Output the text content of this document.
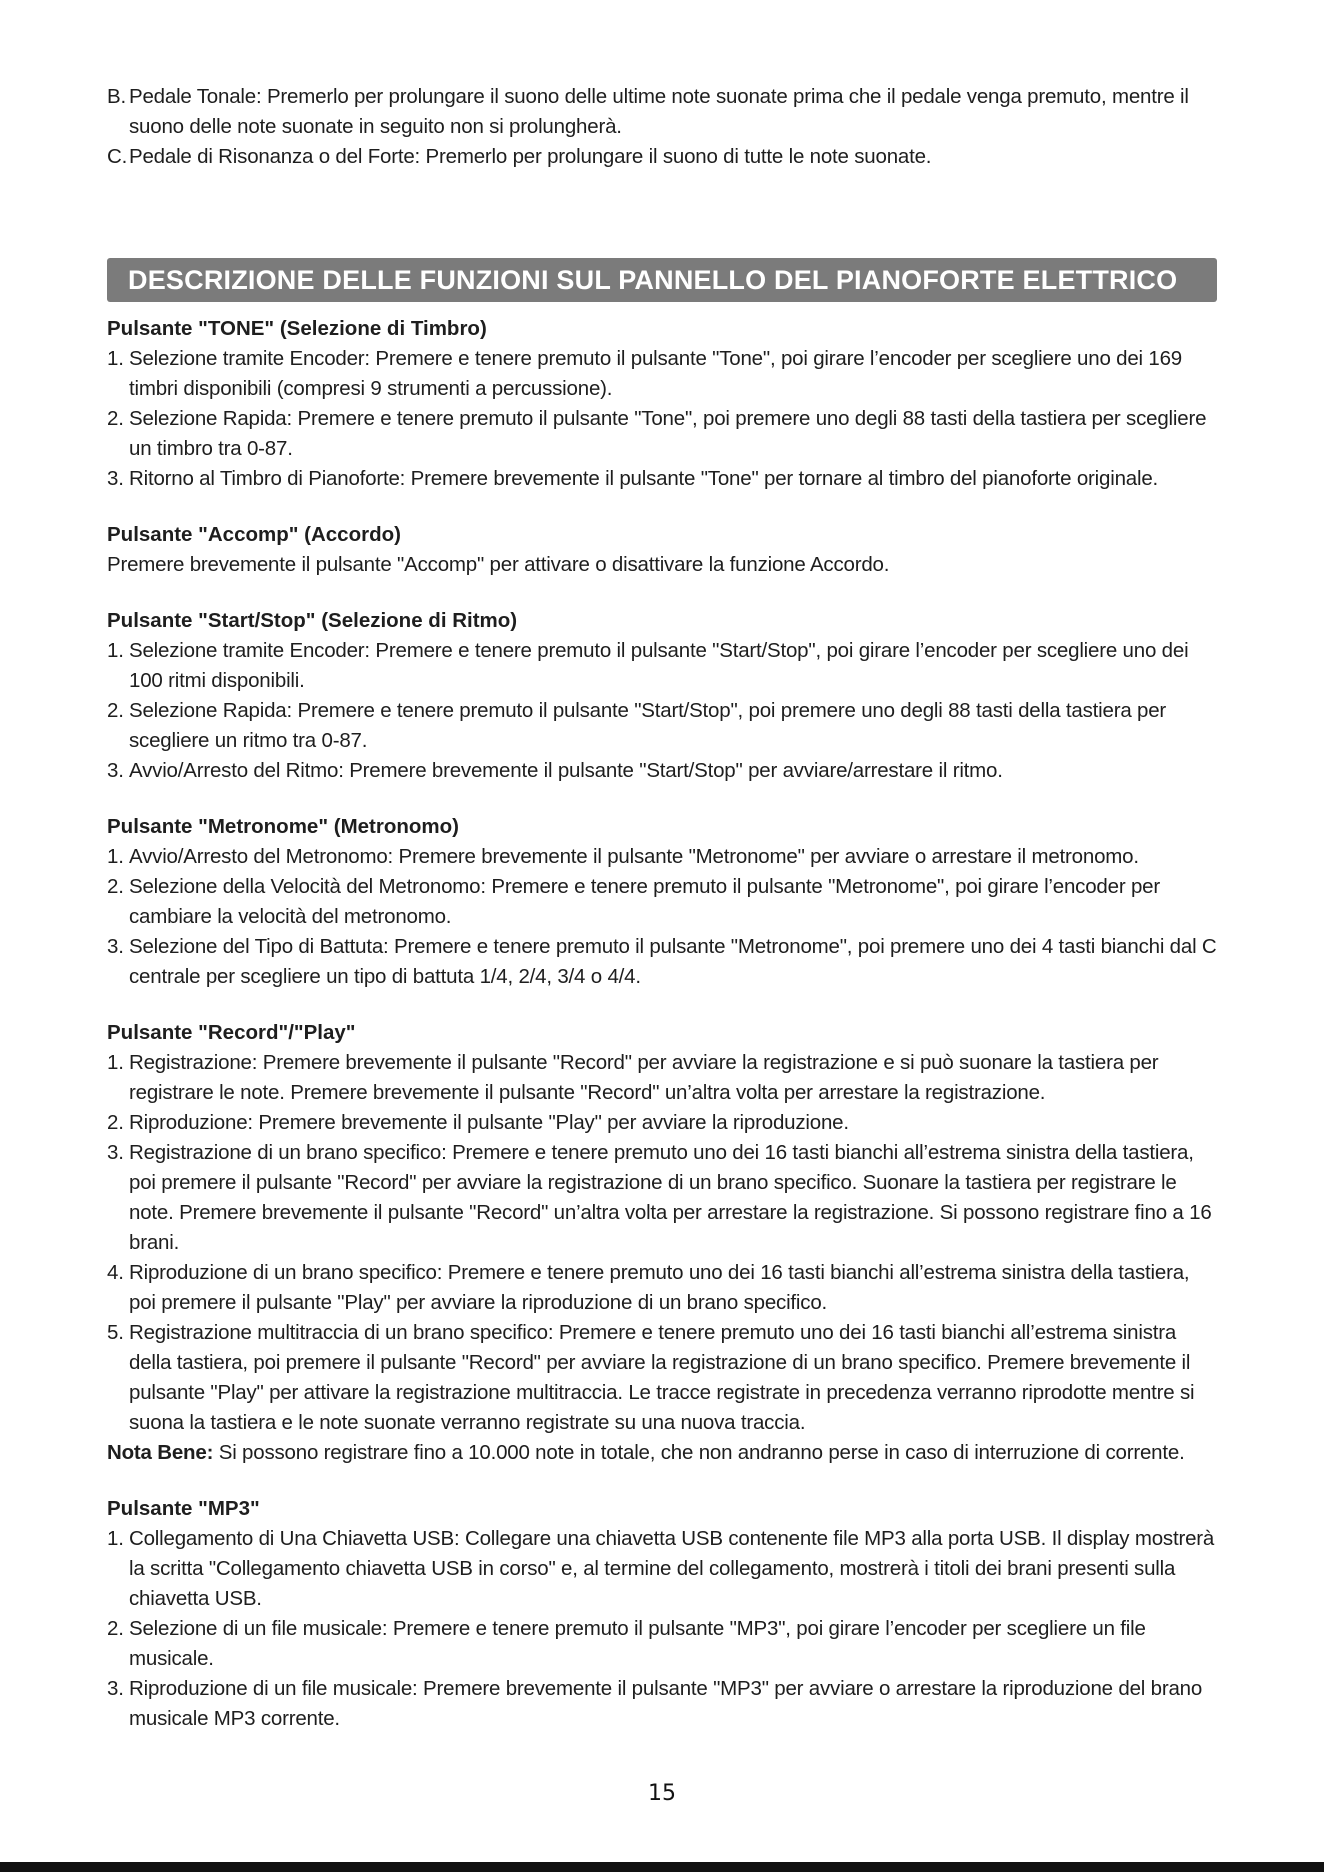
B. Pedale Tonale: Premerlo per prolungare il suono delle ultime note suonate prima che il pedale venga premuto, mentre il suono delle note suonate in seguito non si prolungherà.
C. Pedale di Risonanza o del Forte: Premerlo per prolungare il suono di tutte le note suonate.
DESCRIZIONE DELLE FUNZIONI SUL PANNELLO DEL PIANOFORTE ELETTRICO
Pulsante "TONE" (Selezione di Timbro)
1. Selezione tramite Encoder: Premere e tenere premuto il pulsante "Tone", poi girare l’encoder per scegliere uno dei 169 timbri disponibili (compresi 9 strumenti a percussione).
2. Selezione Rapida: Premere e tenere premuto il pulsante "Tone", poi premere uno degli 88 tasti della tastiera per scegliere un timbro tra 0-87.
3. Ritorno al Timbro di Pianoforte: Premere brevemente il pulsante "Tone" per tornare al timbro del pianoforte originale.
Pulsante "Accomp" (Accordo)
Premere brevemente il pulsante "Accomp" per attivare o disattivare la funzione Accordo.
Pulsante "Start/Stop" (Selezione di Ritmo)
1. Selezione tramite Encoder: Premere e tenere premuto il pulsante "Start/Stop", poi girare l’encoder per scegliere uno dei 100 ritmi disponibili.
2. Selezione Rapida: Premere e tenere premuto il pulsante "Start/Stop", poi premere uno degli 88 tasti della tastiera per scegliere un ritmo tra 0-87.
3. Avvio/Arresto del Ritmo: Premere brevemente il pulsante "Start/Stop" per avviare/arrestare il ritmo.
Pulsante "Metronome" (Metronomo)
1. Avvio/Arresto del Metronomo: Premere brevemente il pulsante "Metronome" per avviare o arrestare il metronomo.
2. Selezione della Velocità del Metronomo: Premere e tenere premuto il pulsante "Metronome", poi girare l’encoder per cambiare la velocità del metronomo.
3. Selezione del Tipo di Battuta: Premere e tenere premuto il pulsante "Metronome", poi premere uno dei 4 tasti bianchi dal C centrale per scegliere un tipo di battuta 1/4, 2/4, 3/4 o 4/4.
Pulsante "Record"/"Play"
1. Registrazione: Premere brevemente il pulsante "Record" per avviare la registrazione e si può suonare la tastiera per registrare le note. Premere brevemente il pulsante "Record" un’altra volta per arrestare la registrazione.
2. Riproduzione: Premere brevemente il pulsante "Play" per avviare la riproduzione.
3. Registrazione di un brano specifico: Premere e tenere premuto uno dei 16 tasti bianchi all’estrema sinistra della tastiera, poi premere il pulsante "Record" per avviare la registrazione di un brano specifico. Suonare la tastiera per registrare le note. Premere brevemente il pulsante "Record" un’altra volta per arrestare la registrazione. Si possono registrare fino a 16 brani.
4. Riproduzione di un brano specifico: Premere e tenere premuto uno dei 16 tasti bianchi all’estrema sinistra della tastiera, poi premere il pulsante "Play" per avviare la riproduzione di un brano specifico.
5. Registrazione multitraccia di un brano specifico: Premere e tenere premuto uno dei 16 tasti bianchi all’estrema sinistra della tastiera, poi premere il pulsante "Record" per avviare la registrazione di un brano specifico. Premere brevemente il pulsante "Play" per attivare la registrazione multitraccia. Le tracce registrate in precedenza verranno riprodotte mentre si suona la tastiera e le note suonate verranno registrate su una nuova traccia.
Nota Bene: Si possono registrare fino a 10.000 note in totale, che non andranno perse in caso di interruzione di corrente.
Pulsante "MP3"
1. Collegamento di Una Chiavetta USB: Collegare una chiavetta USB contenente file MP3 alla porta USB. Il display mostrerà la scritta "Collegamento chiavetta USB in corso" e, al termine del collegamento, mostrerà i titoli dei brani presenti sulla chiavetta USB.
2. Selezione di un file musicale: Premere e tenere premuto il pulsante "MP3", poi girare l’encoder per scegliere un file musicale.
3. Riproduzione di un file musicale: Premere brevemente il pulsante "MP3" per avviare o arrestare la riproduzione del brano musicale MP3 corrente.
15
